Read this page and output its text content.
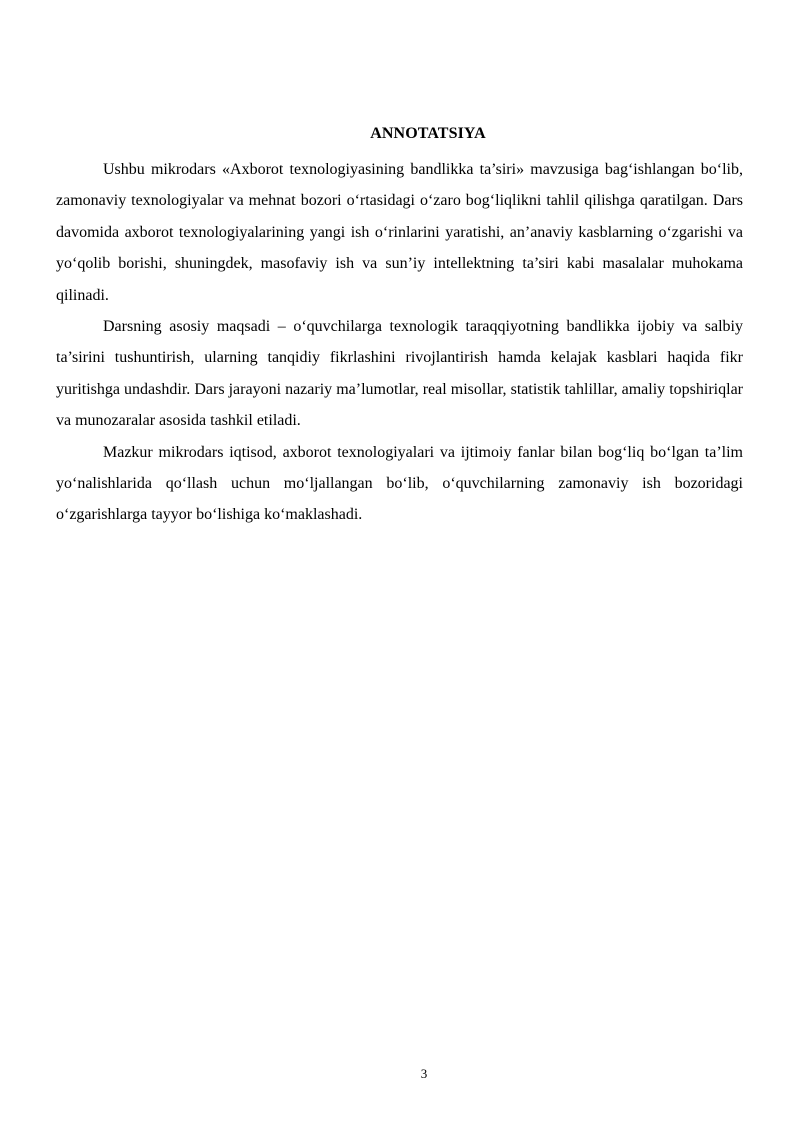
ANNOTATSIYA

Ushbu mikrodars «Axborot texnologiyasining bandlikka ta’siri» mavzusiga bag‘ishlangan bo‘lib, zamonaviy texnologiyalar va mehnat bozori o‘rtasidagi o‘zaro bog‘liqlikni tahlil qilishga qaratilgan. Dars davomida axborot texnologiyalarining yangi ish o‘rinlarini yaratishi, an’anaviy kasblarning o‘zgarishi va yo‘qolib borishi, shuningdek, masofaviy ish va sun’iy intellektning ta’siri kabi masalalar muhokama qilinadi.

Darsning asosiy maqsadi – o‘quvchilarga texnologik taraqqiyotning bandlikka ijobiy va salbiy ta’sirini tushuntirish, ularning tanqidiy fikrlashini rivojlantirish hamda kelajak kasblari haqida fikr yuritishga undashdir. Dars jarayoni nazariy ma’lumotlar, real misollar, statistik tahlillar, amaliy topshiriqlar va munozaralar asosida tashkil etiladi.

Mazkur mikrodars iqtisod, axborot texnologiyalari va ijtimoiy fanlar bilan bog‘liq bo‘lgan ta’lim yo‘nalishlarida qo‘llash uchun mo‘ljallangan bo‘lib, o‘quvchilarning zamonaviy ish bozoridagi o‘zgarishlarga tayyor bo‘lishiga ko‘maklashadi.

3
